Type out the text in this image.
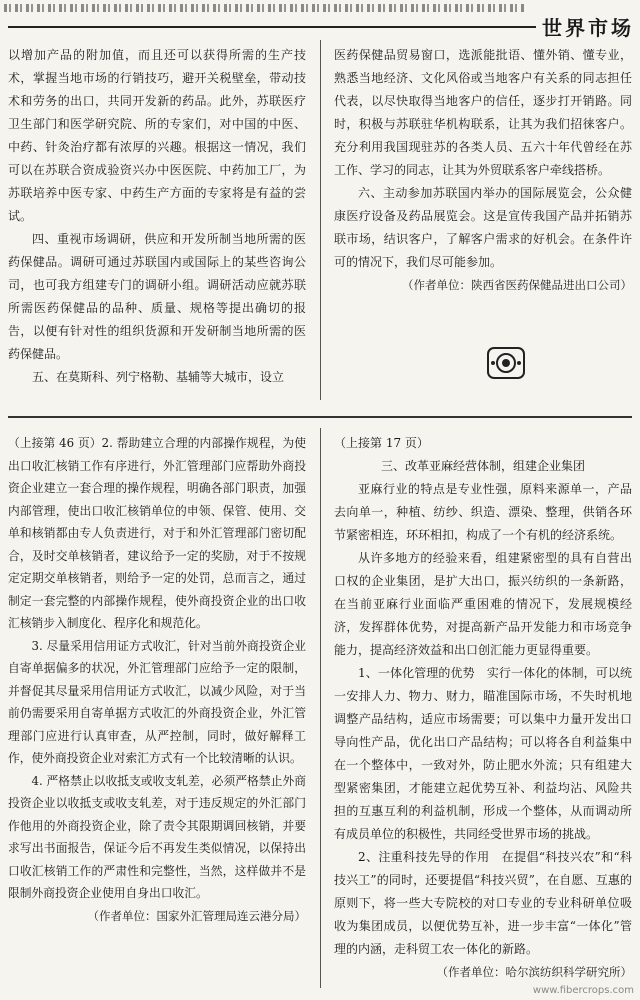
世界市场

以增加产品的附加值，而且还可以获得所需的生产技术，掌握当地市场的行销技巧，避开关税壁垒，带动技术和劳务的出口，共同开发新的药品。此外，苏联医疗卫生部门和医学研究院、所的专家们，对中国的中医、中药、针灸治疗都有浓厚的兴趣。根据这一情况，我们可以在苏联合资成验资兴办中医医院、中药加工厂，为苏联培养中医专家、中药生产方面的专家将是有益的尝试。

四、重视市场调研，供应和开发所制当地所需的医药保健品。调研可通过苏联国内或国际上的某些咨询公司，也可我方组建专门的调研小组。调研活动应就苏联所需医药保健品的品种、质量、规格等提出确切的报告，以便有针对性的组织货源和开发研制当地所需的医药保健品。

五、在莫斯科、列宁格勒、基辅等大城市，设立

医药保健品贸易窗口，选派能批语、懂外销、懂专业，熟悉当地经济、文化风俗或当地客户有关系的同志担任代表，以尽快取得当地客户的信任，逐步打开销路。同时，积极与苏联驻华机构联系，让其为我们招徕客户。充分利用我国现驻苏的各类人员、五六十年代曾经在苏工作、学习的同志，让其为外贸联系客户牵线搭桥。

六、主动参加苏联国内举办的国际展览会，公众健康医疗设备及药品展览会。这是宣传我国产品并拓销苏联市场，结识客户，了解客户需求的好机会。在条件许可的情况下，我们尽可能参加。

（作者单位：陕西省医药保健品进出口公司）

（上接第 46 页）2. 帮助建立合理的内部操作规程，为使出口收汇核销工作有序进行，外汇管理部门应帮助外商投资企业建立一套合理的操作规程，明确各部门职责，加强内部管理，使出口收汇核销单位的申领、保管、使用、交单和核销都由专人负责进行，对于和外汇管理部门密切配合，及时交单核销者，建议给予一定的奖励，对于不按规定定期交单核销者，则给予一定的处罚，总而言之，通过制定一套完整的内部操作规程，使外商投资企业的出口收汇核销步入制度化、程序化和规范化。

3. 尽量采用信用证方式收汇，针对当前外商投资企业自寄单据偏多的状况，外汇管理部门应给予一定的限制，并督促其尽量采用信用证方式收汇，以减少风险，对于当前仍需要采用自寄单据方式收汇的外商投资企业，外汇管理部门应进行认真审查，从严控制，同时，做好解释工作，使外商投资企业对索汇方式有一个比较清晰的认识。

4. 严格禁止以收抵支或收支轧差，必须严格禁止外商投资企业以收抵支或收支轧差，对于违反规定的外汇部门作他用的外商投资企业，除了责令其限期调回核销，并要求写出书面报告，保证今后不再发生类似情况，以保持出口收汇核销工作的严肃性和完整性，当然，这样做并不是限制外商投资企业使用自身出口收汇。

（作者单位：国家外汇管理局连云港分局）

（上接第 17 页）

三、改革亚麻经营体制，组建企业集团

亚麻行业的特点是专业性强，原料来源单一，产品去向单一，种植、纺纱、织造、漂染、整理，供销各环节紧密相连，环环相扣，构成了一个有机的经济系统。

从许多地方的经验来看，组建紧密型的具有自营出口权的企业集团，是扩大出口，振兴纺织的一条新路，在当前亚麻行业面临严重困难的情况下，发展规模经济，发挥群体优势，对提高新产品开发能力和市场竞争能力，提高经济效益和出口创汇能力更显得重要。

1、一体化管理的优势　实行一体化的体制，可以统一安排人力、物力、财力，瞄准国际市场，不失时机地调整产品结构，适应市场需要；可以集中力量开发出口导向性产品，优化出口产品结构；可以将各自利益集中在一个整体中，一致对外，防止肥水外流；只有组建大型紧密集团，才能建立起优势互补、利益均沾、风险共担的互惠互利的利益机制，形成一个整体，从而调动所有成员单位的积极性，共同经受世界市场的挑战。

2、注重科技先导的作用　在提倡“科技兴农”和“科技兴工”的同时，还要提倡“科技兴贸”，在自愿、互惠的原则下，将一些大专院校的对口专业的专业科研单位吸收为集团成员，以便优势互补，进一步丰富“一体化”管理的内涵，走科贸工农一体化的新路。

（作者单位：哈尔滨纺织科学研究所）

www.fibercrops.com
